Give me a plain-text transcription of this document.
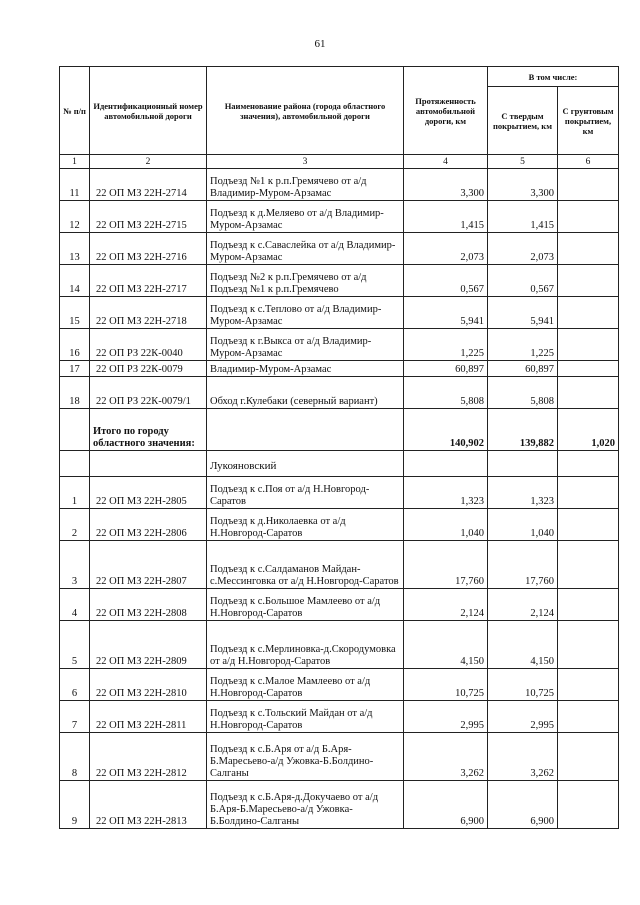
61
№ п/п	Идентификационный номер автомобильной дороги	Наименование района (города областного значения), автомобильной дороги	Протяженность автомобильной дороги, км	В том числе:	
				С твердым покрытием, км	С грунтовым покрытием, км
1	2	3	4	5	6
11	22 ОП МЗ 22Н-2714	Подъезд №1 к р.п.Гремячево от а/д Владимир-Муром-Арзамас	3,300	3,300	
12	22 ОП МЗ 22Н-2715	Подъезд к д.Меляево от а/д Владимир-Муром-Арзамас	1,415	1,415	
13	22 ОП МЗ 22Н-2716	Подъезд к с.Саваслейка от а/д Владимир-Муром-Арзамас	2,073	2,073	
14	22 ОП МЗ 22Н-2717	Подъезд №2 к р.п.Гремячево от а/д Подъезд №1 к р.п.Гремячево	0,567	0,567	
15	22 ОП МЗ 22Н-2718	Подъезд к с.Теплово от а/д Владимир-Муром-Арзамас	5,941	5,941	
16	22 ОП РЗ 22К-0040	Подъезд к г.Выкса от а/д Владимир-Муром-Арзамас	1,225	1,225	
17	22 ОП РЗ 22К-0079	Владимир-Муром-Арзамас	60,897	60,897	
18	22 ОП РЗ 22К-0079/1	Обход г.Кулебаки (северный вариант)	5,808	5,808	
	Итого по городу областного значения:		140,902	139,882	1,020
		Лукояновский			
1	22 ОП МЗ 22Н-2805	Подъезд к с.Поя от а/д Н.Новгород-Саратов	1,323	1,323	
2	22 ОП МЗ 22Н-2806	Подъезд к д.Николаевка от а/д Н.Новгород-Саратов	1,040	1,040	
3	22 ОП МЗ 22Н-2807	Подъезд к с.Салдаманов Майдан-с.Мессинговка от а/д Н.Новгород-Саратов	17,760	17,760	
4	22 ОП МЗ 22Н-2808	Подъезд к с.Большое Мамлеево от а/д Н.Новгород-Саратов	2,124	2,124	
5	22 ОП МЗ 22Н-2809	Подъезд к с.Мерлиновка-д.Скородумовка от а/д Н.Новгород-Саратов	4,150	4,150	
6	22 ОП МЗ 22Н-2810	Подъезд к с.Малое Мамлеево от а/д Н.Новгород-Саратов	10,725	10,725	
7	22 ОП МЗ 22Н-2811	Подъезд к с.Тольский Майдан от а/д Н.Новгород-Саратов	2,995	2,995	
8	22 ОП МЗ 22Н-2812	Подъезд к с.Б.Аря от а/д Б.Аря-Б.Маресьево-а/д Ужовка-Б.Болдино-Салганы	3,262	3,262	
9	22 ОП МЗ 22Н-2813	Подъезд к с.Б.Аря-д.Докучаево от а/д Б.Аря-Б.Маресьево-а/д Ужовка-Б.Болдино-Салганы	6,900	6,900	
